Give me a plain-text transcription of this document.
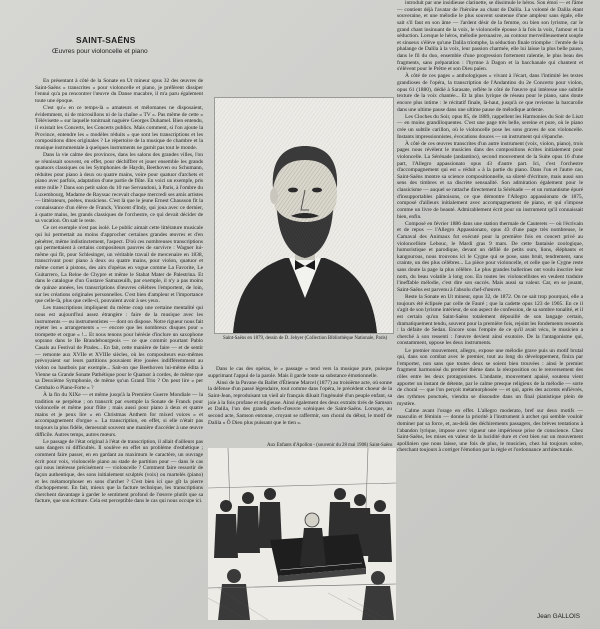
SAINT-SAËNS
Œuvres pour violoncelle et piano

En présentant à côté de la Sonate en Ut mineur opus 32 des œuvres de Saint-Saëns « transcrites » pour violoncelle et piano, je préfèrent dissiper l'ennui qu'a pu rencontrer l'œuvre du Danse macabre, il m'a paru également toute une époque.

C'est qu'« en ce temps-là » amateurs et mélomanes ne disposaient, évidemment, ni de microsillons ni de la chaîne « TV ». Pas même de cette « Télévisette » sur laquelle tonitruait naguère Georges Duhamel. Bien entendu, il existait les Concerts, les Concerts publics. Mais comment, si l'on ajoute la Province, entendre les « modèles réduits » que sont les transcriptions et les compositions dites originales ? Le répertoire de la musique de chambre et la musique instrumentale à quelques instruments ne garnit pas tout le monde.

Dans la vie calme des provinces, dans les salons des grandes villes, l'on se réunissait souvent, en effet, pour déchiffrer et jouer ensemble les grands quatuors classiques ou les Symphonies de Haydn, Beethoven ou Schumann, réduites pour piano à deux ou quatre mains, voire pour quatuor d'archets et piano avec parfois, adaptation d'une partie de flûte. En voici un exemple, pris entre mille ? Dans son petit salon du 10 rue Servandoni, à Paris, à l'ombre du Luxembourg, Madame de Rayssac recevait chaque mercredi ses amis artistes — littérateurs, poètes, musiciens. C'est là que le jeune Ernest Chausson fit la connaissance d'un élève de Franck, Vincent d'Indy, qui joua avec ce dernier, à quatre mains, les grands classiques de l'orchestre, ce qui devait décider de sa vocation. On sait le reste.

Ce cet exemple n'est pas isolé. Le public aimait cette littérature musicale qui lui permettait au moins d'approcher certaines grandes œuvres et d'en pénétrer, même indistinctement, l'aspect. D'où ces nombreuses transcriptions qui permettaient à certains compositeurs pauvres de survivre : Wagner lui-même qui fit, pour Schlesinger, un véritable travail de mercenaire en 1838, transcrivant pour piano à deux ou quatre mains, pour violon, quatuor et même cornet à pistons, des airs d'opéras en vogue comme La Favorite, Le Guitarrero, La Reine de Chypre et même le Stabat Mater de Palestrina. Et dans le catalogue d'un Gustave Samazeuilh, par exemple, il n'y a pas moins de quinze années, les transcriptions d'œuvres célèbres l'emportent, de loin, sur les créations originales personnelles. C'est bien d'ampleur et l'importance que celle-là, plus que celle-ci, pouvaient avoir à ses yeux.

Les transcriptions impliquent du même coup une certaine mentalité qui nous est aujourd'hui assez étrangère : faire de la musique avec les instruments — ou instrumentistes — dont on dispose. Notre rigueur nous fait rejeter les « arrangements » — encore que les nombreux disques pour « trompette et orgue » !... Et nous tenons pour hérésie d'inclure un saxophone soprano dans le IIe Brandebourgeois — ce que commit pourtant Pablo Casals au Festival de Prades... En fait, cette manière de faire — et de sentir — remonte aux XVIIe et XVIIIe siècles, où les compositeurs eux-mêmes prévoyaient sur leurs partitions pouvaient être jouées indifféremment au violon ou hautbois par exemple... Sait-on que Beethoven lui-même édita à Vienne sa Grande Sonate Pathétique pour le Quatuor à cordes, de même que sa Deuxième Symphonie, de même qu'un Grand Trio ? On peut lire « per Cembalo o Piano-Forte » ?

À la fin du XIXe — et même jusqu'à la Première Guerre Mondiale — la tradition se perpétue ; on transcrit par exemple la Sonate de Franck pour violoncelle et même pour flûte ; mais aussi pour piano à deux et quatre mains et je peux lire « en Christmas Anthem for mixed voices » et accompagnement d'orgue ». La transcription, en effet, si elle n'était pas toujours la plus fidèle, demeurait souvent une manière d'accéder à une œuvre difficile. Autres temps, autres mœurs.

Le passage de l'état original à l'état de transcription, il allait d'ailleurs pas sans dangers ni difficultés. Il soulève en effet un problème d'esthétique ; comment faire passer, en en gardant au maximum le caractère, un ouvrage écrit pour voix, violoncelle piano au stade de partition pour — dans le cas qui nous intéresse précisément — violoncelle ? Comment faire ressortir de façon authentique, des sons initialement sculptés (voix) ou martelés (piano) et les métamorphoser en sons d'archet ? C'est bien ici que gît la pierre d'achoppement. En fait, mieux que la facture technique, les transcriptions cherchent davantage à garder le sentiment profond de l'œuvre plutôt que sa facture, que son écriture. Cela est perceptible dans le cas qui nous occupe ici.

Saint-Saëns en 1879, dessin de D. Jehyer (Collection Bibliothèque Nationale, Paris)

Dans le cas des opéras, le « passage » tend vers la musique pure, puisque supprimant l'appui de la parole. Mais il garde toute sa substance émotionnelle.

Ainsi de la Pavane du Ballet d'Étienne Marcel (1877) au troisième acte, où sonne la défense d'un passé légendaire, tout comme dans l'opéra, le précédent choeur de la Saint-Jean, reproduisant un vieil air français diluait l'ingénuité d'un peuple enfant, sa joie à la fois profane et religieuse. Ainsi également des deux extraits tirés de Samson et Dalila, l'un des grands chefs-d'œuvre scéniques de Saint-Saëns. Lorsque, au second acte, Samson entonne, croyant se raffermir, son choral du début, le motif de Dalila « Ô Dieu plus puissant que le tien ».

Aux Enfants d'Apollon - (souvenir du 28 mai 1908) Saint-Saëns

introduit par une insidieuse clarinette, se dissimule le héros. Son émoi — et l'âme — contient déjà l'avatar de l'héroïne au chant de Dalila. La volonté de Dalila étant souveraine, et une mélodie le plus souvent soutenue d'une ampleur sans égale, elle sait s'il faut en son âme — l'ardent désir de la femme, ou bien son lyrisme, car le grand chant insinuant de la voix, le violoncelle épouse à la fois la voix, l'amour et la séduction. Lorsque le héros, mélodie persuasive, au contour merveilleusement souple et sinueux s'élève qu'une Dalila triomphe, la séduction finale triomphe : l'entrée de la phalange de Dalila à la voix, leur passion charmée, elle lui laisse la plus belle pause, dans le fil du duo, ensemble d'une progression fortement ralentie, le plus beau des fragments, sans préparation : l'hymne à Dagon et la bacchanale qui chantent et s'élèvent pour le Prêtre et son Dieu païen.

À côté de ces pages « anthologiques » vivant à l'écart, dans l'intimité les textes grandioses de l'opéra, la transcription de l'Andantino du 2e Concerto pour violon, opus 61 (1880), dédié à Sarasate, reflète le côté de l'œuvre qui intéresse une subtile texture de la voix chantée... Et la plus lyrique de réseau pour le piano, sans doute encore plus intime : le récitatif finale, là-haut, jusqu'à ce que revienne la barcarolle dans une ultime pause dans une ultime pause de mélodique ardente.

Les Cloches du Soir, opus 85, de 1889, rappellent les Harmonies du Soir de Liszt — en moins grandiloquentes. C'est une page très belle, sereine et pure, où le piano crée un subtile carillon, où le violoncelle pose les sons graves de son violoncelle. Instants impressionnistes, évocations douces — un instrument qui s'épanche.

À côté de ces œuvres transcrites d'un autre instrument (voix, violon, piano), trois pages nous révèlent le musicien dans des compositions écrites initialement pour violoncelle. La Sérénade (andantino), second mouvement de la Suite opus 16 d'une part, l'Allegro appassionato opus 43 d'autre part. Ici, c'est l'orchestre d'accompagnement qui est « réduit » à la partie du piano. Dans l'un et l'autre cas, Saint-Saëns montre sa science compositionnelle, sa sûreté d'écriture, mais aussi son sens des timbres et sa discrète sensualité. Son admiration également pour le classicisme — auquel se rattache directement la Sérénade — et un romantisme épuré d'insupportables pâmoisons, ce que démontre l'Allegro appassionato de 1875, composé d'ailleurs initialement avec accompagnement de piano, et qui s'impose comme un livre de beauté. Admirablement écrit pour un instrument qu'il connaissait bien, enfin.

Composé en février 1886 dans une station thermale de Cauterets — où l'écrivain et de repos — l'Allegro Appassionato, opus 43 d'une page très nombreuse, le Camaval des Animaux fut exécuté pour la première fois en concert privé au violoncelliste Lebouc, le Mardi gras 9 mars. De cette fantaisie zoologique, humoristique et parodique, devant un défilé de petits ours, lions, éléphants et kangourous, nous trouvons ici le Cygne qui se pose, sans bruit, tendrement, sans crainte, un des plus célèbres... La pièce pour violoncelle, et celle que le Cygne reste sans doute la page la plus célèbre. Le plus grandes ballerines ont voulu inscrire leur nom, du beau volatile à long cou. En toutes les violoncellistes en veulent traduire l'ineffable mélodie, c'est dire son succès. Mais aussi sa valeur. Car, en se jouant, Saint-Saëns est parvenu à l'absolu chef-d'œuvre.

Reste la Sonate en Ut mineur, opus 32, de 1872. On ne sait trop pourquoi, elle a toujours été éclipsée par celle de Fauré ; que la cadette opus 123 de 1905. En ce il s'agit de son lyrisme intérieur, de son aspect de confession, de sa sombre tonalité, et il est certain qu'un Saint-Saëns totalement dépouillé de son langage certain, dramatiquement tendu, souvent pour la première fois, rejoint les fondements ressentis : la défaite de Sedan. Encore sous l'empire de ce qu'il avait vécu, le musicien a cherché à son ressenti : l'œuvre devient ainsi exutoire. De la l'antagonisme qui, constamment, oppose les deux instruments.

Le premier mouvement, allegro, expose une mélodie grave puis un motif brutal qui, dans son combat avec le premier, tout au long du développement, finira par l'emporter, non sans que toutes deux se soient bien trouvées : ainsi le premier fragment harmonisé du premier thème dans la réexposition ou le renversement des rôles entre les deux protagonistes. L'andante, mouvement apaisé, soutenu vient apporter un instant de détente, par le calme presque religieux de la mélodie — sorte de choral — que l'on perçoit métamorphosée — et qui, après des accents enfiévrés, des rythmes ponctués, viendra se dissoudre dans un final pianistique plein de mystère.

Calme avant l'orage en effet. L'allegro moderato, bref sur deux motifs — masculin et féminin — donne la priorité à l'instrument à archet qui semble vouloir dominer par sa force, et, au-delà des déchirements passagers, des brèves tentations à l'abandon lyrique, impose avec vigueur une impérieuse prise de conscience. Chez Saint-Saëns, les mises en valeur de la lucidité dure et c'est bien sur un mouvement apollinien que nous laisse, une fois de plus, le musicien, chez lui toujours sobre, cherchant toujours à corriger l'émotion par la règle et l'ordonnance architecturale.

Jean GALLOIS
